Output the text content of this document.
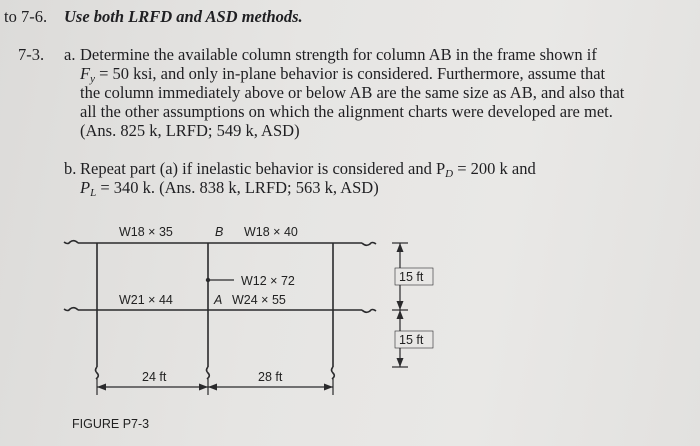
to 7-6. Use both LRFD and ASD methods.
7-3. a. Determine the available column strength for column AB in the frame shown if
$F_y = 50$ ksi, and only in-plane behavior is considered. Furthermore, assume that
the column immediately above or below AB are the same size as AB, and also that
all the other assumptions on which the alignment charts were developed are met.
(Ans. 825 k, LRFD; 549 k, ASD)
b. Repeat part (a) if inelastic behavior is considered and $P_D = 200$ k and
$P_L = 340$ k. (Ans. 838 k, LRFD; 563 k, ASD)
W18 × 35	B W18 × 40
W12 × 72
W21 × 44	A W24 × 55
15 ft
15 ft
24 ft	28 ft
FIGURE P7-3
